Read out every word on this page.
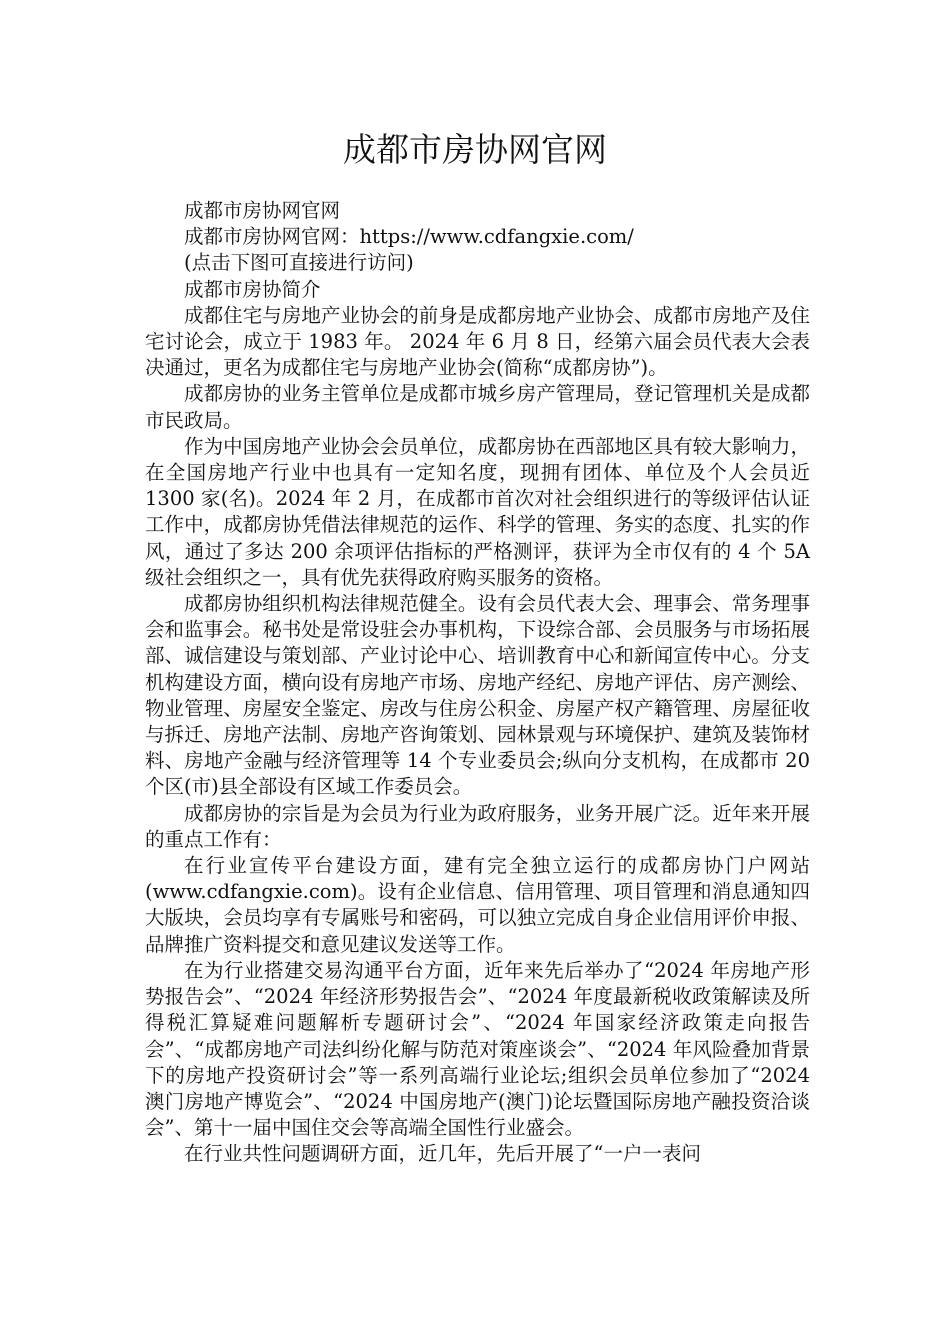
成都市房协网官网

成都市房协网官网

成都市房协网官网：https://www.cdfangxie.com/

(点击下图可直接进行访问)

成都市房协简介

成都住宅与房地产业协会的前身是成都房地产业协会、成都市房地产及住宅讨论会，成立于 1983 年。 2024 年 6 月 8 日，经第六届会员代表大会表决通过，更名为成都住宅与房地产业协会(简称“成都房协”)。

成都房协的业务主管单位是成都市城乡房产管理局，登记管理机关是成都市民政局。

作为中国房地产业协会会员单位，成都房协在西部地区具有较大影响力，在全国房地产行业中也具有一定知名度，现拥有团体、单位及个人会员近 1300 家(名)。2024 年 2 月，在成都市首次对社会组织进行的等级评估认证工作中，成都房协凭借法律规范的运作、科学的管理、务实的态度、扎实的作风，通过了多达 200 余项评估指标的严格测评，获评为全市仅有的 4 个 5A 级社会组织之一，具有优先获得政府购买服务的资格。

成都房协组织机构法律规范健全。设有会员代表大会、理事会、常务理事会和监事会。秘书处是常设驻会办事机构，下设综合部、会员服务与市场拓展部、诚信建设与策划部、产业讨论中心、培训教育中心和新闻宣传中心。分支机构建设方面，横向设有房地产市场、房地产经纪、房地产评估、房产测绘、物业管理、房屋安全鉴定、房改与住房公积金、房屋产权产籍管理、房屋征收与拆迁、房地产法制、房地产咨询策划、园林景观与环境保护、建筑及装饰材料、房地产金融与经济管理等 14 个专业委员会;纵向分支机构，在成都市 20 个区(市)县全部设有区域工作委员会。

成都房协的宗旨是为会员为行业为政府服务，业务开展广泛。近年来开展的重点工作有：

在行业宣传平台建设方面，建有完全独立运行的成都房协门户网站(www.cdfangxie.com)。设有企业信息、信用管理、项目管理和消息通知四大版块，会员均享有专属账号和密码，可以独立完成自身企业信用评价申报、品牌推广资料提交和意见建议发送等工作。

在为行业搭建交易沟通平台方面，近年来先后举办了“2024 年房地产形势报告会”、“2024 年经济形势报告会”、“2024 年度最新税收政策解读及所得税汇算疑难问题解析专题研讨会”、“2024 年国家经济政策走向报告会”、“成都房地产司法纠纷化解与防范对策座谈会”、“2024 年风险叠加背景下的房地产投资研讨会”等一系列高端行业论坛;组织会员单位参加了“2024 澳门房地产博览会”、“2024 中国房地产(澳门)论坛暨国际房地产融投资洽谈会”、第十一届中国住交会等高端全国性行业盛会。

在行业共性问题调研方面，近几年，先后开展了“一户一表问
